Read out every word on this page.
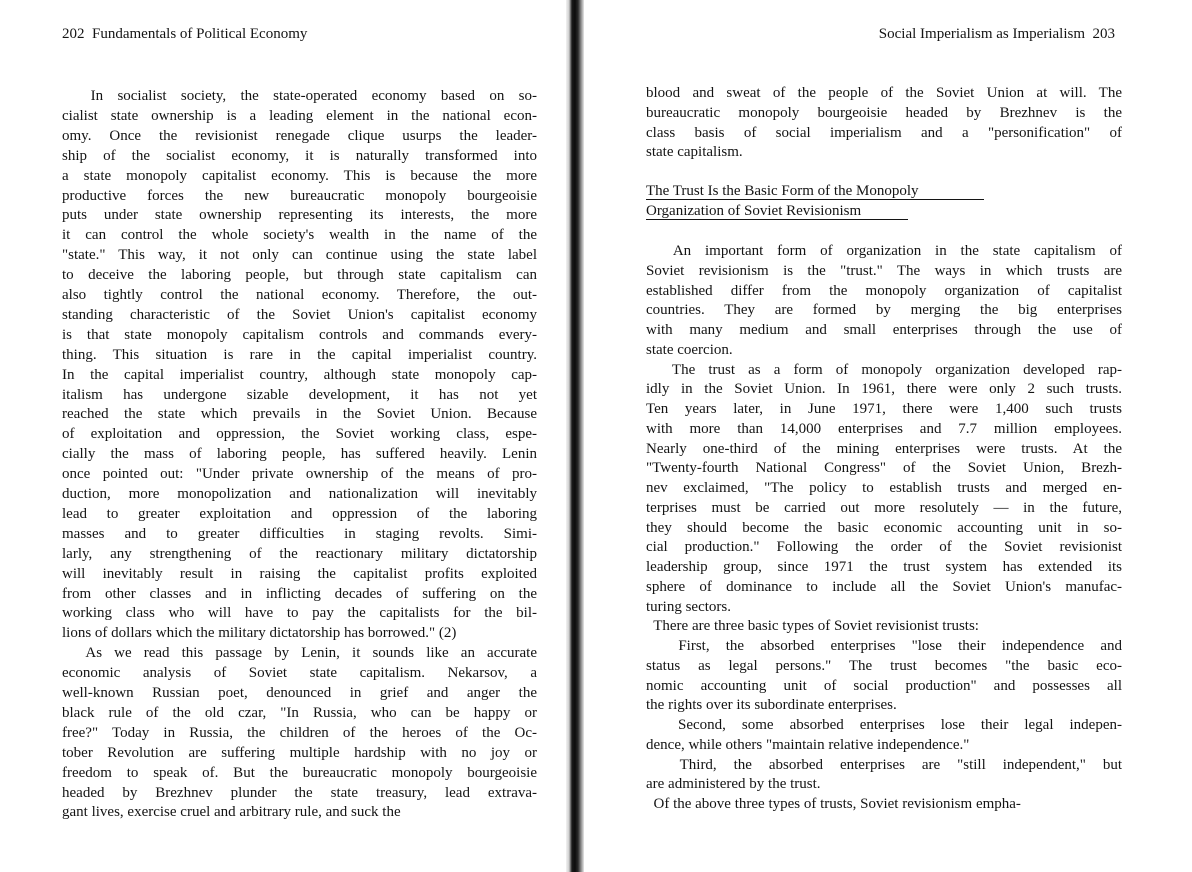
202  Fundamentals of Political Economy
In socialist society, the state-operated economy based on so-
cialist state ownership is a leading element in the national econ-
omy. Once the revisionist renegade clique usurps the leader-
ship of the socialist economy, it is naturally transformed into
a state monopoly capitalist economy. This is because the more
productive forces the new bureaucratic monopoly bourgeoisie
puts under state ownership representing its interests, the more
it can control the whole society's wealth in the name of the
"state." This way, it not only can continue using the state label
to deceive the laboring people, but through state capitalism can
also tightly control the national economy. Therefore, the out-
standing characteristic of the Soviet Union's capitalist economy
is that state monopoly capitalism controls and commands every-
thing. This situation is rare in the capital imperialist country.
In the capital imperialist country, although state monopoly cap-
italism has undergone sizable development, it has not yet
reached the state which prevails in the Soviet Union. Because
of exploitation and oppression, the Soviet working class, espe-
cially the mass of laboring people, has suffered heavily. Lenin
once pointed out: "Under private ownership of the means of pro-
duction, more monopolization and nationalization will inevitably
lead to greater exploitation and oppression of the laboring
masses and to greater difficulties in staging revolts. Simi-
larly, any strengthening of the reactionary military dictatorship
will inevitably result in raising the capitalist profits exploited
from other classes and in inflicting decades of suffering on the
working class who will have to pay the capitalists for the bil-
lions of dollars which the military dictatorship has borrowed." (2)
As we read this passage by Lenin, it sounds like an accurate
economic analysis of Soviet state capitalism. Nekarsov, a
well-known Russian poet, denounced in grief and anger the
black rule of the old czar, "In Russia, who can be happy or
free?" Today in Russia, the children of the heroes of the Oc-
tober Revolution are suffering multiple hardship with no joy or
freedom to speak of. But the bureaucratic monopoly bourgeoisie
headed by Brezhnev plunder the state treasury, lead extrava-
gant lives, exercise cruel and arbitrary rule, and suck the
Social Imperialism as Imperialism  203
blood and sweat of the people of the Soviet Union at will. The
bureaucratic monopoly bourgeoisie headed by Brezhnev is the
class basis of social imperialism and a "personification" of
state capitalism.
The Trust Is the Basic Form of the Monopoly
Organization of Soviet Revisionism
An important form of organization in the state capitalism of
Soviet revisionism is the "trust." The ways in which trusts are
established differ from the monopoly organization of capitalist
countries. They are formed by merging the big enterprises
with many medium and small enterprises through the use of
state coercion.
The trust as a form of monopoly organization developed rap-
idly in the Soviet Union. In 1961, there were only 2 such trusts.
Ten years later, in June 1971, there were 1,400 such trusts
with more than 14,000 enterprises and 7.7 million employees.
Nearly one-third of the mining enterprises were trusts. At the
"Twenty-fourth National Congress" of the Soviet Union, Brezh-
nev exclaimed, "The policy to establish trusts and merged en-
terprises must be carried out more resolutely — in the future,
they should become the basic economic accounting unit in so-
cial production." Following the order of the Soviet revisionist
leadership group, since 1971 the trust system has extended its
sphere of dominance to include all the Soviet Union's manufac-
turing sectors.
There are three basic types of Soviet revisionist trusts:
First, the absorbed enterprises "lose their independence and
status as legal persons." The trust becomes "the basic eco-
nomic accounting unit of social production" and possesses all
the rights over its subordinate enterprises.
Second, some absorbed enterprises lose their legal indepen-
dence, while others "maintain relative independence."
Third, the absorbed enterprises are "still independent," but
are administered by the trust.
Of the above three types of trusts, Soviet revisionism empha-
